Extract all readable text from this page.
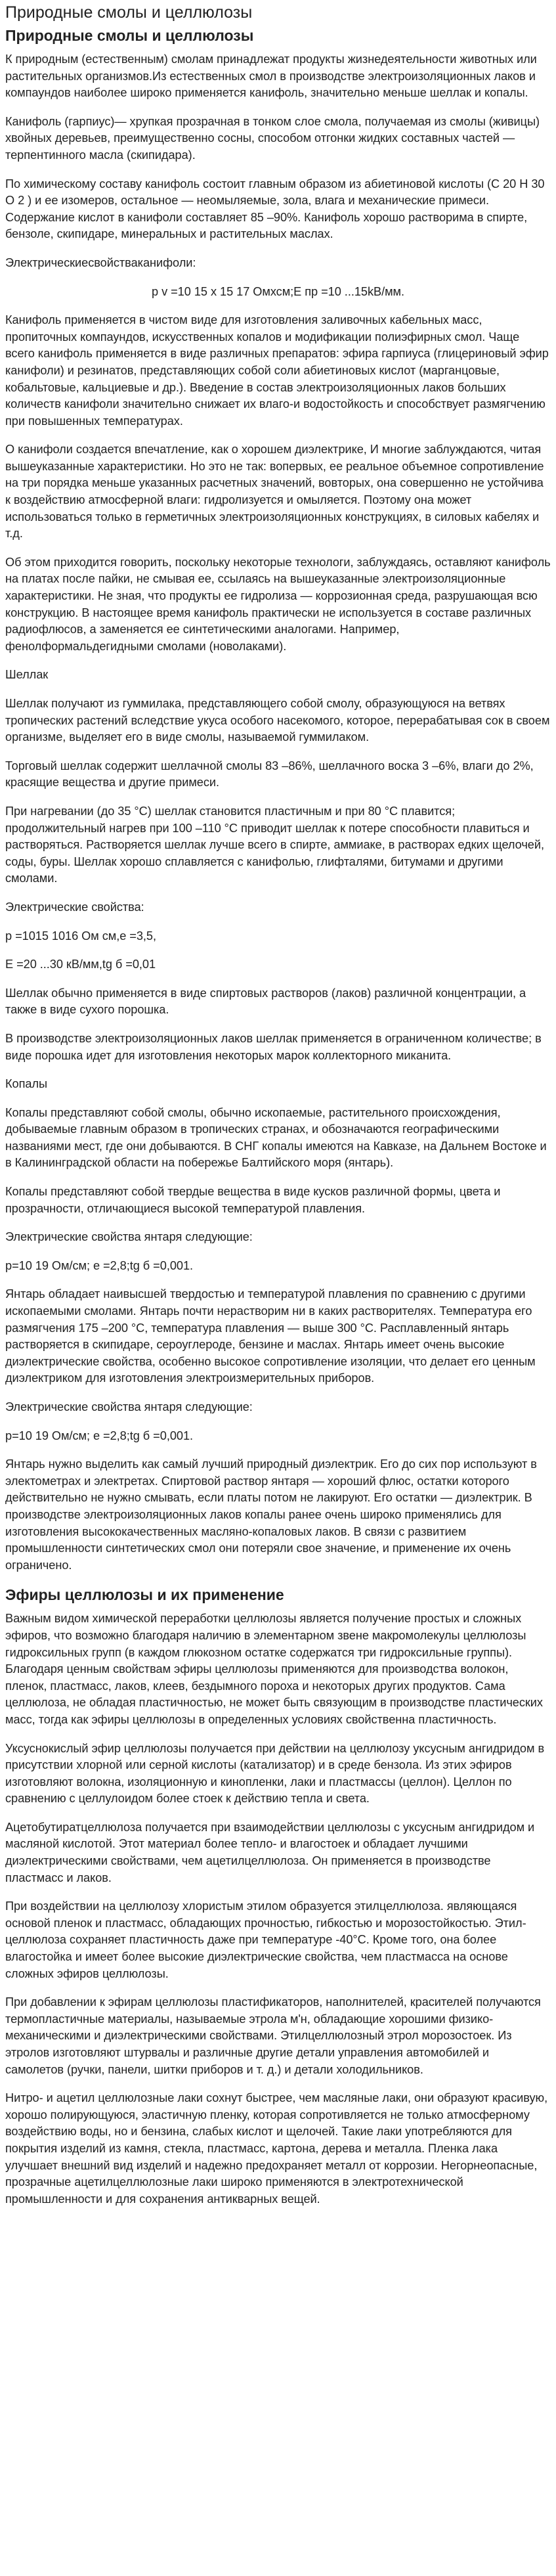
Природные смолы и целлюлозы
Природные смолы и целлюлозы

К природным (естественным) смолам принадлежат продукты жизнедеятельности животных или растительных организмов.Из естественных смол в производстве электроизоляционных лаков и компаундов наиболее широко применяется канифоль, значительно меньше шеллак и копалы.

Канифоль (гарпиус)— хрупкая прозрачная в тонком слое смола, получаемая из смолы (живицы) хвойных деревьев, преимущественно сосны, способом отгонки жидких составных частей — терпентинного масла (скипидара).

По химическому составу канифоль состоит главным образом из абиетиновой кислоты (С 20 Н 30 О 2 ) и ее изомеров, остальное — неомыляемые, зола, влага и механические примеси. Содержание кислот в канифоли составляет 85 –90%. Канифоль хорошо растворима в спирте, бензоле, скипидаре, минеральных и растительных маслах.

Электрическиесвойстваканифоли:

p v =10 15 x 15 17 Омхсм;Е пр =10 ...15kВ/мм.

Канифоль применяется в чистом виде для изготовления заливочных кабельных масс, пропиточных компаундов, искусственных копалов и модификации полиэфирных смол. Чаще всего канифоль применяется в виде различных препаратов: эфира гарпиуса (глицериновый эфир канифоли) и резинатов, представляющих собой соли абиетиновых кислот (марганцовые, кобальтовые, кальциевые и др.). Введение в состав электроизоляционных лаков больших количеств канифоли значительно снижает их влаго-и водостойкость и способствует размягчению при повышенных температурах.

О канифоли создается впечатление, как о хорошем диэлектрике, И многие заблуждаются, читая вышеуказанные характеристики. Но это не так: вопервых, ее реальное объемное сопротивление на три порядка меньше указанных расчетных значений, вовторых, она совершенно не устойчива к воздействию атмосферной влаги: гидролизуется и омыляется. Поэтому она может использоваться только в герметичных электроизоляционных конструкциях, в силовых кабелях и т.д.

Об этом приходится говорить, поскольку некоторые технологи, заблуждаясь, оставляют канифоль на платах после пайки, не смывая ее, ссылаясь на вышеуказанные электроизоляционные характеристики. Не зная, что продукты ее гидролиза — коррозионная среда, разрушающая всю конструкцию. В настоящее время канифоль практически не используется в составе различных радиофлюсов, а заменяется ее синтетическими аналогами. Например, фенолформальдегидными смолами (новолаками).

Шеллак

Шеллак получают из гуммилака, представляющего собой смолу, образующуюся на ветвях тропических растений вследствие укуса особого насекомого, которое, перерабатывая сок в своем организме, выделяет его в виде смолы, называемой гуммилаком.

Торговый шеллак содержит шеллачной смолы 83 –86%, шеллачного воска 3 –6%, влаги до 2%, красящие вещества и другие примеси.

При нагревании (до 35 °С) шеллак становится пластичным и при 80 °С плавится; продолжительный нагрев при 100 –110 °С приводит шеллак к потере способности плавиться и растворяться. Растворяется шеллак лучше всего в спирте, аммиаке, в растворах едких щелочей, соды, буры. Шеллак хорошо сплавляется с канифолью, глифталями, битумами и другими смолами.

Электрические свойства:

p =1015 1016 Ом см,e =3,5,

E =20 ...30 кВ/мм,tg б =0,01

Шеллак обычно применяется в виде спиртовых растворов (лаков) различной концентрации, а также в виде сухого порошка.

В производстве электроизоляционных лаков шеллак применяется в ограниченном количестве; в виде порошка идет для изготовления некоторых марок коллекторного миканита.

Копалы

Копалы представляют собой смолы, обычно ископаемые, растительного происхождения, добываемые главным образом в тропических странах, и обозначаются географическими названиями мест, где они добываются. В СНГ копалы имеются на Кавказе, на Дальнем Востоке и в Калининградской области на побережье Балтийского моря (янтарь).

Копалы представляют собой твердые вещества в виде кусков различной формы, цвета и прозрачности, отличающиеся высокой температурой плавления.

Электрические свойства янтаря следующие:

p=10 19 Ом/см; e =2,8;tg б =0,001.

Янтарь обладает наивысшей твердостью и температурой плавления по сравнению с другими ископаемыми смолами. Янтарь почти нерастворим ни в каких растворителях. Температура его размягчения 175 –200 °С, температура плавления — выше 300 °С. Расплавленный янтарь растворяется в скипидаре, сероуглероде, бензине и маслах. Янтарь имеет очень высокие диэлектрические свойства, особенно высокое сопротивление изоляции, что делает его ценным диэлектриком для изготовления электроизмерительных приборов.

Электрические свойства янтаря следующие:

p=10 19 Ом/см; e =2,8;tg б =0,001.

Янтарь нужно выделить как самый лучший природный диэлектрик. Его до сих пор используют в электометрах и электретах. Спиртовой раствор янтаря — хороший флюс, остатки которого действительно не нужно смывать, если платы потом не лакируют. Его остатки — диэлектрик. В производстве электроизоляционных лаков копалы ранее очень широко применялись для изготовления высококачественных масляно-копаловых лаков. В связи с развитием промышленности синтетических смол они потеряли свое значение, и применение их очень ограничено.

Эфиры целлюлозы и их применение

Важным видом химической переработки целлюлозы является получение простых и сложных эфиров, что возможно благодаря наличию в элементарном звене макромолекулы целлюлозы гидроксильных групп (в каждом глюкозном остатке содержатся три гидроксильные группы). Благодаря ценным свойствам эфиры целлюлозы применяются для производства волокон, пленок, пластмасс, лаков, клеев, бездымного пороха и некоторых других продуктов. Сама целлюлоза, не обладая пластичностью, не может быть связующим в производстве пластических масс, тогда как эфиры целлюлозы в определенных условиях свойственна пластичность.

Уксуснокислый эфир целлюлозы получается при действии на целлюлозу уксусным ангидридом в присутствии хлорной или серной кислоты (катализатор) и в среде бензола. Из этих эфиров изготовляют волокна, изоляционную и кинопленки, лаки и пластмассы (целлон). Целлон по сравнению с целлулоидом более стоек к действию тепла и света.

Ацетобутиратцеллюлоза получается при взаимодействии целлюлозы с уксусным ангидридом и масляной кислотой. Этот материал более тепло- и влагостоек и обладает лучшими диэлектрическими свойствами, чем ацетилцеллюлоза. Он применяется в производстве пластмасс и лаков.

При воздействии на целлюлозу хлористым этилом образуется этилцеллюлоза. являющаяся основой пленок и пластмасс, обладающих прочностью, гибкостью и морозостойкостью. Этил-целлюлоза сохраняет пластичность даже при температуре -40°С. Кроме того, она более влагостойка и имеет более высокие диэлектрические свойства, чем пластмасса на основе сложных эфиров целлюлозы.

При добавлении к эфирам целлюлозы пластификаторов, наполнителей, красителей получаются термопластичные материалы, называемые этрола м'н, обладающие хорошими физико-механическими и диэлектрическими свойствами. Этилцеллюлозный этрол морозостоек. Из этролов изготовляют штурвалы и различные другие детали управления автомобилей и самолетов (ручки, панели, шитки приборов и т. д.) и детали холодильников.

Нитро- и ацетил целлюлозные лаки сохнут быстрее, чем масляные лаки, они образуют красивую, хорошо полирующуюся, эластичную пленку, которая сопротивляется не только атмосферному воздействию воды, но и бензина, слабых кислот и щелочей. Такие лаки употребляются для покрытия изделий из камня, стекла, пластмасс, картона, дерева и металла. Пленка лака улучшает внешний вид изделий и надежно предохраняет металл от коррозии. Негорнеопасные, прозрачные ацетилцеллюлозные лаки широко применяются в электротехнической промышленности и для сохранения антикварных вещей.
